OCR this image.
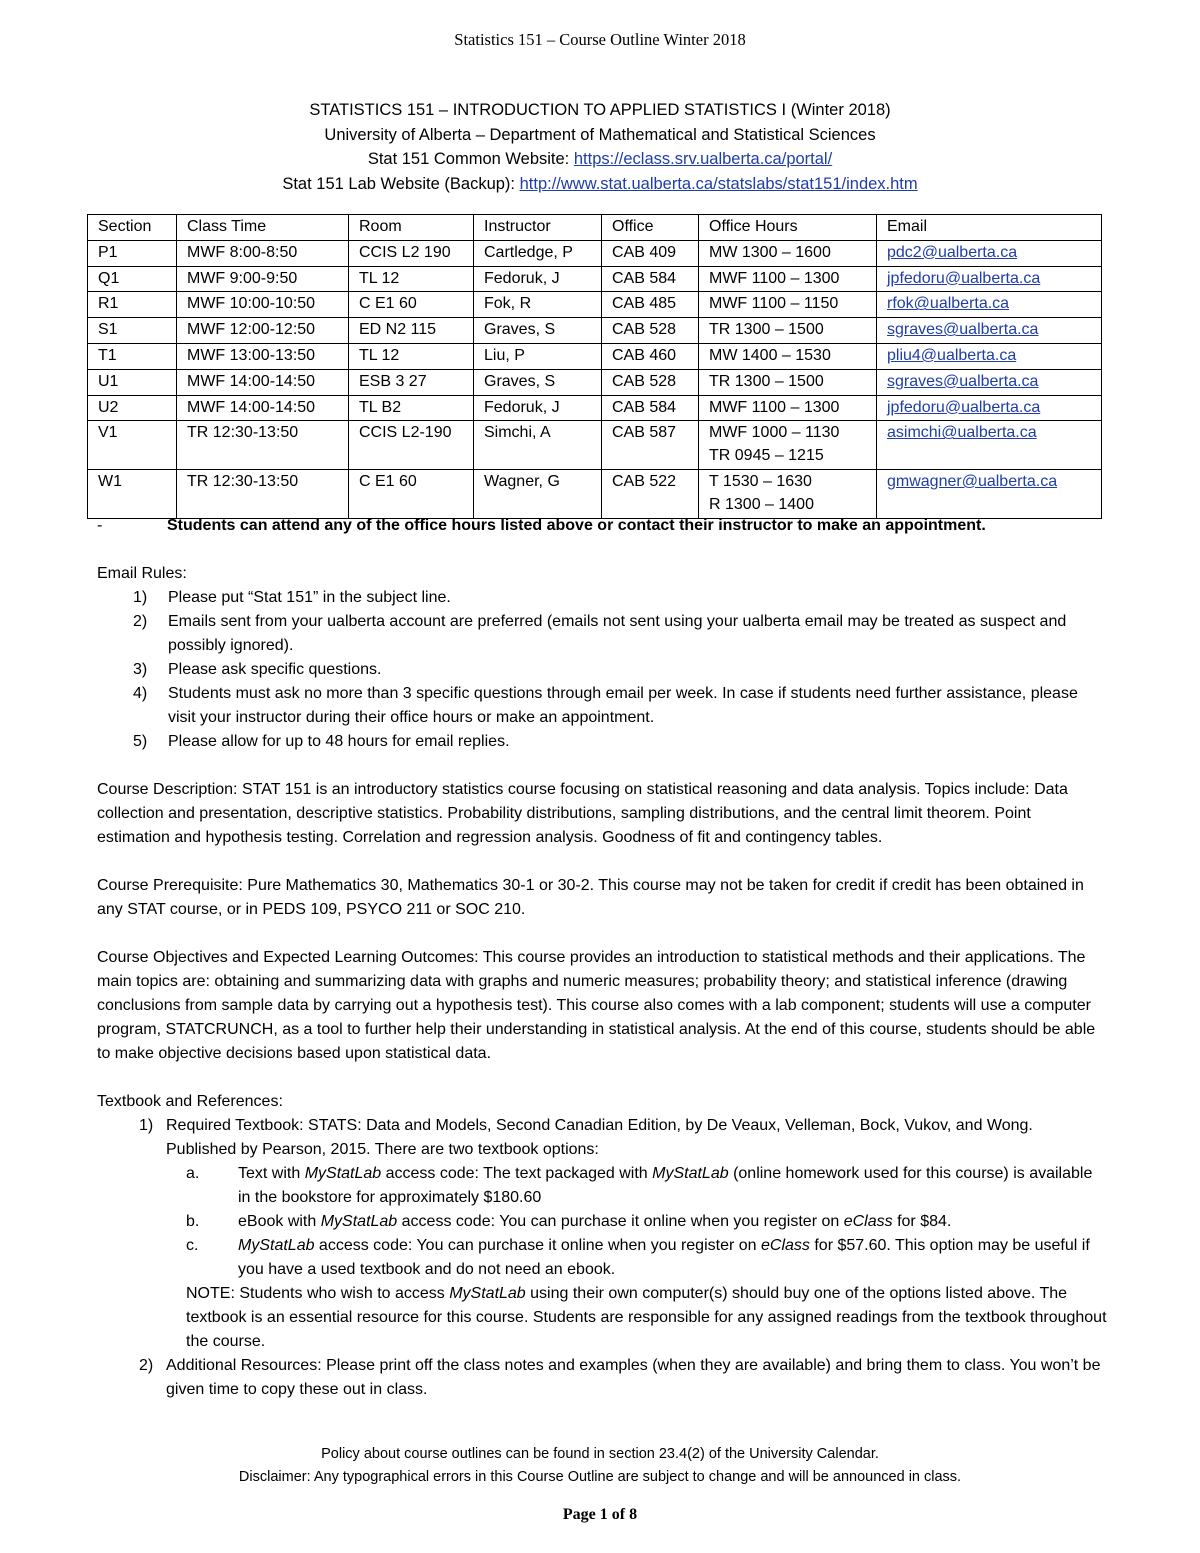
Statistics 151 – Course Outline Winter 2018
STATISTICS 151 – INTRODUCTION TO APPLIED STATISTICS I (Winter 2018)
University of Alberta – Department of Mathematical and Statistical Sciences
Stat 151 Common Website: https://eclass.srv.ualberta.ca/portal/
Stat 151 Lab Website (Backup): http://www.stat.ualberta.ca/statslabs/stat151/index.htm
Section	Class Time	Room	Instructor	Office	Office Hours	Email
P1	MWF 8:00-8:50	CCIS L2 190	Cartledge, P	CAB 409	MW 1300 – 1600	pdc2@ualberta.ca
Q1	MWF 9:00-9:50	TL 12	Fedoruk, J	CAB 584	MWF 1100 – 1300	jpfedoru@ualberta.ca
R1	MWF 10:00-10:50	C E1 60	Fok, R	CAB 485	MWF 1100 – 1150	rfok@ualberta.ca
S1	MWF 12:00-12:50	ED N2 115	Graves, S	CAB 528	TR 1300 – 1500	sgraves@ualberta.ca
T1	MWF 13:00-13:50	TL 12	Liu, P	CAB 460	MW 1400 – 1530	pliu4@ualberta.ca
U1	MWF 14:00-14:50	ESB 3 27	Graves, S	CAB 528	TR 1300 – 1500	sgraves@ualberta.ca
U2	MWF 14:00-14:50	TL B2	Fedoruk, J	CAB 584	MWF 1100 – 1300	jpfedoru@ualberta.ca
V1	TR 12:30-13:50	CCIS L2-190	Simchi, A	CAB 587	MWF 1000 – 1130
TR 0945 – 1215	asimchi@ualberta.ca
W1	TR 12:30-13:50	C E1 60	Wagner, G	CAB 522	T 1530 – 1630
R 1300 – 1400	gmwagner@ualberta.ca

-	Students can attend any of the office hours listed above or contact their instructor to make an appointment.

Email Rules:

1) Please put “Stat 151” in the subject line.
2) Emails sent from your ualberta account are preferred (emails not sent using your ualberta email may be treated as suspect and possibly ignored).
3) Please ask specific questions.
4) Students must ask no more than 3 specific questions through email per week. In case if students need further assistance, please visit your instructor during their office hours or make an appointment.
5) Please allow for up to 48 hours for email replies.

Course Description: STAT 151 is an introductory statistics course focusing on statistical reasoning and data analysis. Topics include: Data collection and presentation, descriptive statistics. Probability distributions, sampling distributions, and the central limit theorem. Point estimation and hypothesis testing. Correlation and regression analysis. Goodness of fit and contingency tables.

Course Prerequisite: Pure Mathematics 30, Mathematics 30-1 or 30-2. This course may not be taken for credit if credit has been obtained in any STAT course, or in PEDS 109, PSYCO 211 or SOC 210.

Course Objectives and Expected Learning Outcomes: This course provides an introduction to statistical methods and their applications. The main topics are: obtaining and summarizing data with graphs and numeric measures; probability theory; and statistical inference (drawing conclusions from sample data by carrying out a hypothesis test). This course also comes with a lab component; students will use a computer program, STATCRUNCH, as a tool to further help their understanding in statistical analysis. At the end of this course, students should be able to make objective decisions based upon statistical data.

Textbook and References:

1) Required Textbook: STATS: Data and Models, Second Canadian Edition, by De Veaux, Velleman, Bock, Vukov, and Wong. Published by Pearson, 2015. There are two textbook options:
a. Text with MyStatLab access code: The text packaged with MyStatLab (online homework used for this course) is available in the bookstore for approximately $180.60
b. eBook with MyStatLab access code: You can purchase it online when you register on eClass for $84.
c. MyStatLab access code: You can purchase it online when you register on eClass for $57.60. This option may be useful if you have a used textbook and do not need an ebook.
NOTE: Students who wish to access MyStatLab using their own computer(s) should buy one of the options listed above. The textbook is an essential resource for this course. Students are responsible for any assigned readings from the textbook throughout the course.
2) Additional Resources: Please print off the class notes and examples (when they are available) and bring them to class. You won’t be given time to copy these out in class.
Policy about course outlines can be found in section 23.4(2) of the University Calendar.
Disclaimer: Any typographical errors in this Course Outline are subject to change and will be announced in class.
Page 1 of 8
